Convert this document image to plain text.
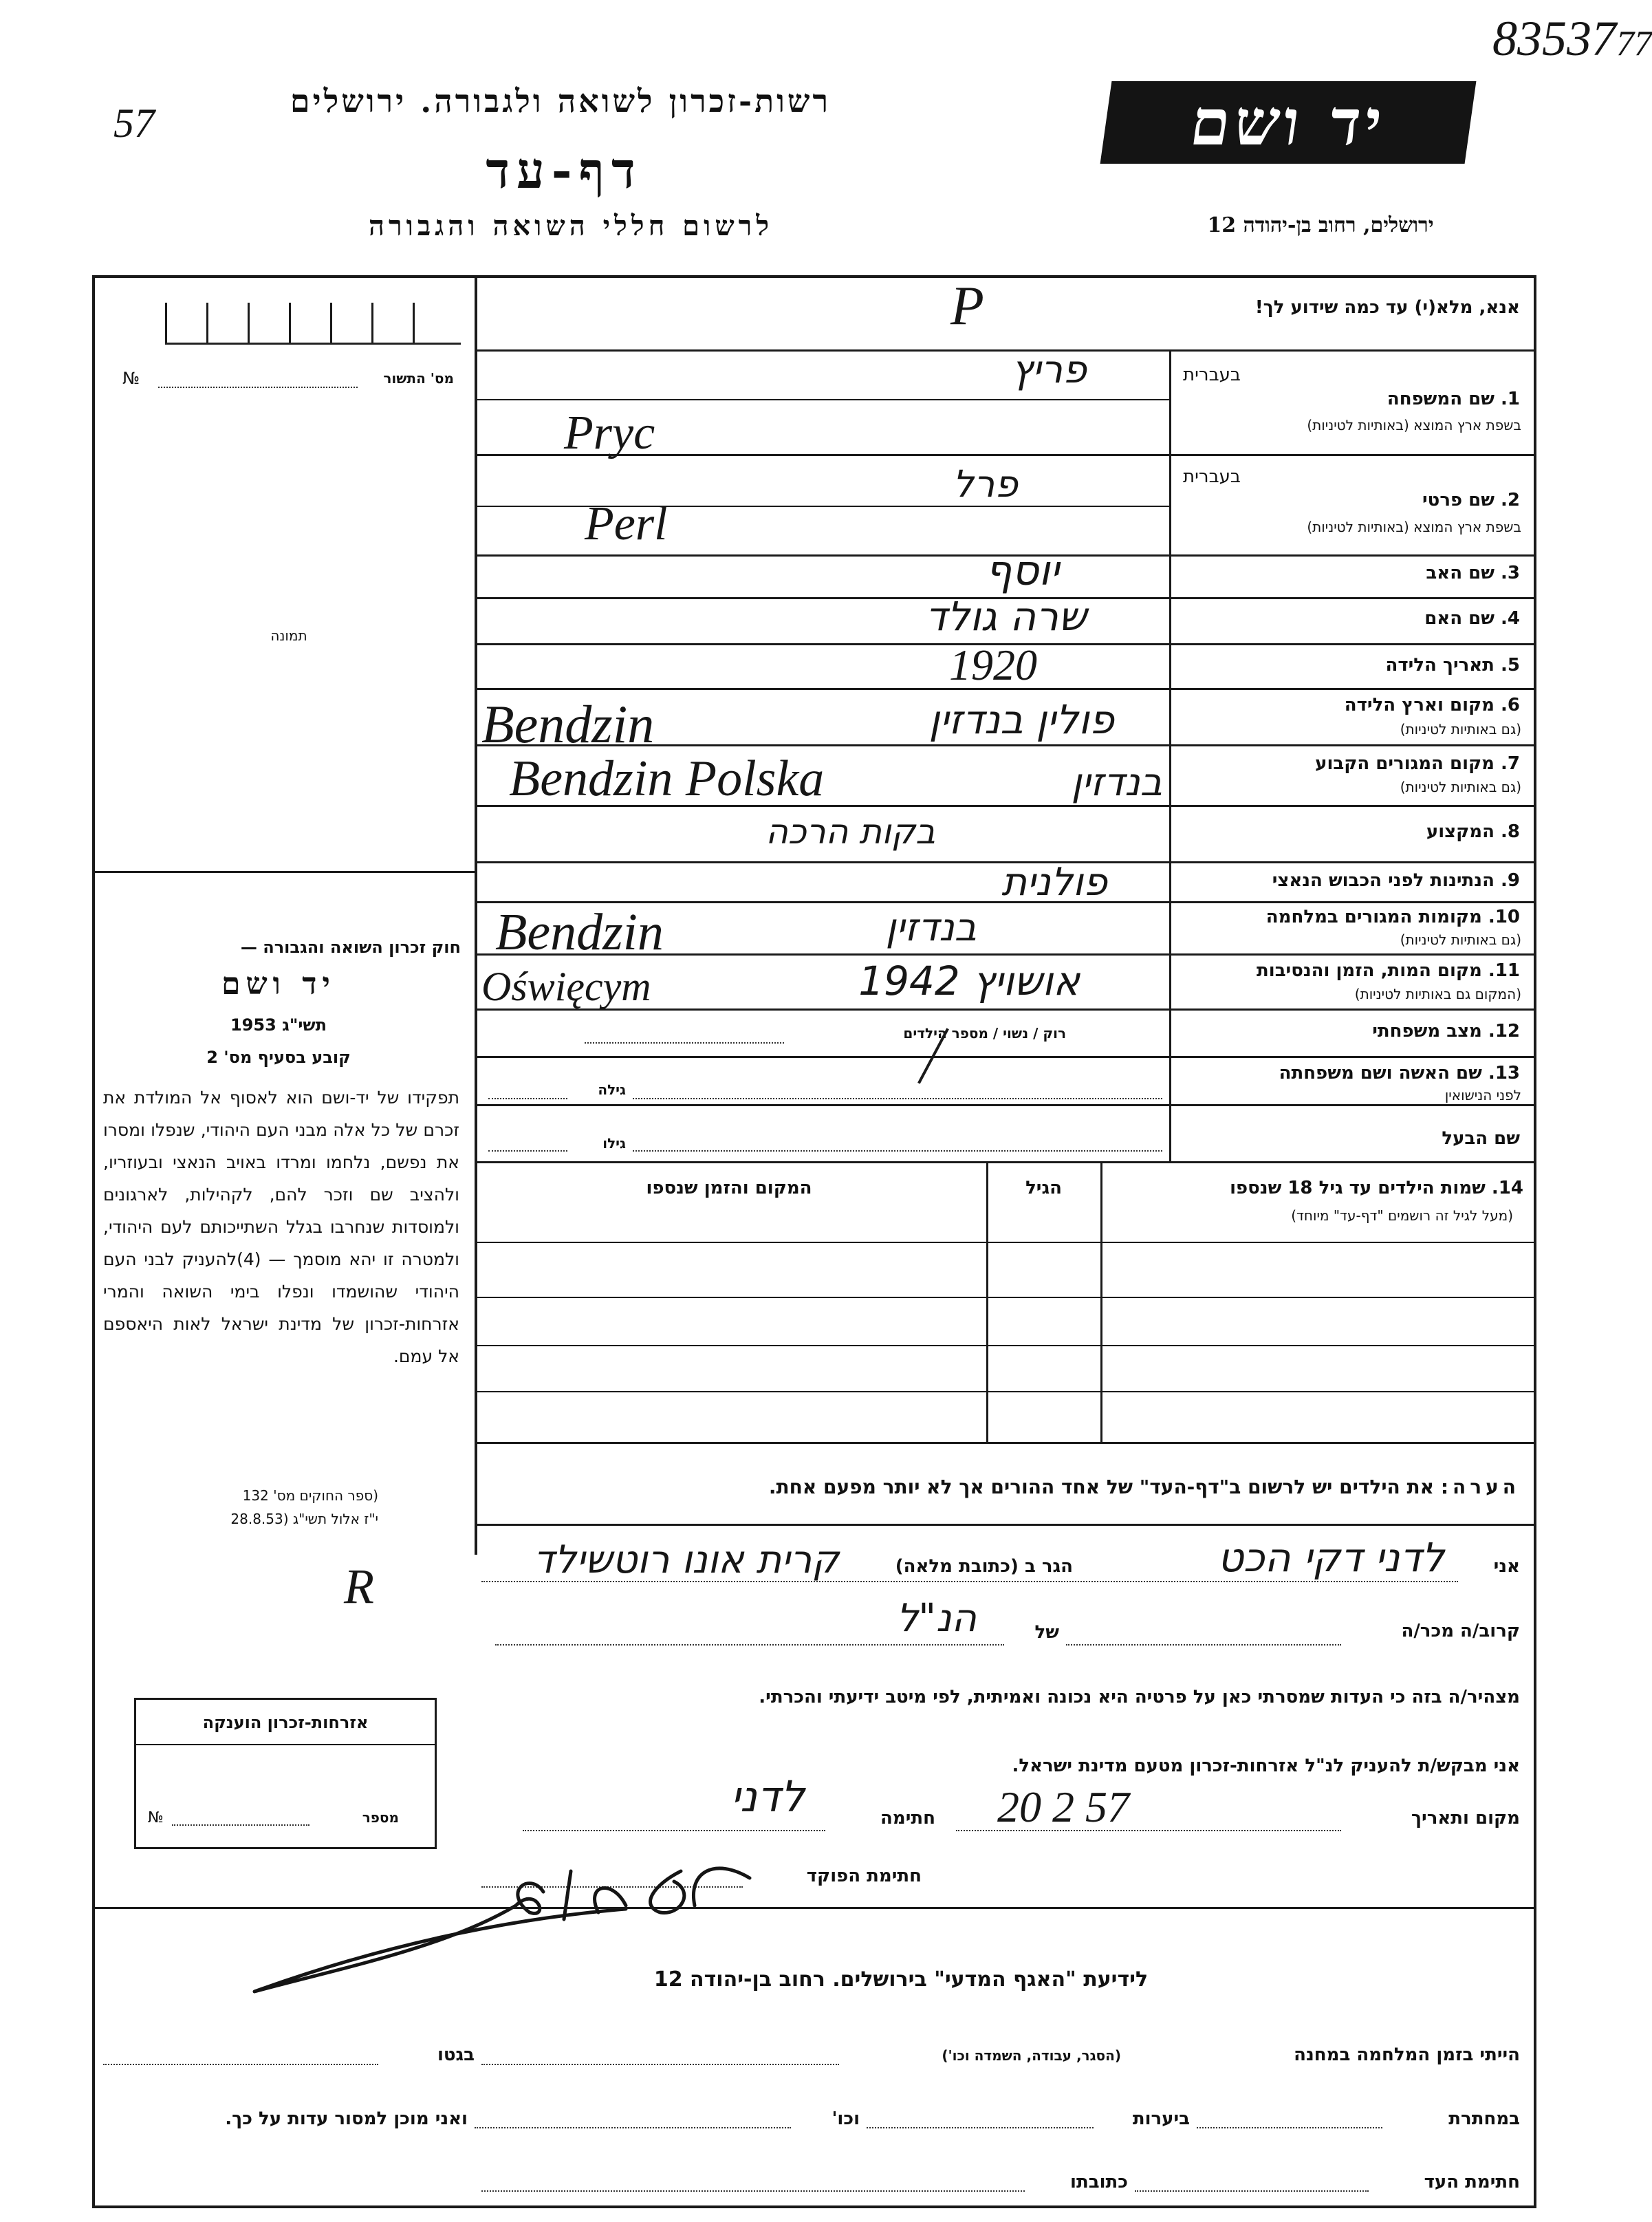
8353777
57	רשות-זכרון לשואה ולגבורה. ירושלים
דף-עד
לרשום חללי השואה והגבורה
יד ושם
ירושלים, רחוב בן-יהודה 12
מס' התשור
№
תמונה
חוק זכרון השואה והגבורה —
יד ושם
תשי"ג 1953
קובע בסעיף מס' 2
תפקידו של יד-ושם הוא לאסוף אל המולדת את זכרם של כל אלה מבני העם היהודי, שנפלו ומסרו את נפשם, נלחמו ומרדו באויב הנאצי ובעוזריו, ולהציב שם וזכר להם, לקהילות, לארגונים ולמוסדות שנחרבו בגלל השתייכותם לעם היהודי, ולמטרה זו יהא מוסמך — (4)להעניק לבני העם היהודי שהושמדו ונפלו בימי השואה והמרי אזרחות-זכרון של מדינת ישראל לאות היאספם אל עמם.
(ספר החוקים מס' 132
י"ז אלול תשי"ג (28.8.53
אנא, מלא(י) עד כמה שידוע לך!
P
בעברית
1. שם המשפחה
בשפת ארץ המוצא (באותיות לטיניות)
פריץ
Pryc
בעברית
2. שם פרטי
בשפת ארץ המוצא (באותיות לטיניות)
פרל
Perl
3. שם האב
יוסף
4. שם האם
שרה גולד
5. תאריך הלידה
1920
6. מקום וארץ הלידה
(גם באותיות לטיניות)
פולין בנדזין
Bendzin
7. מקום המגורים הקבוע
(גם באותיות לטיניות)
בנדזין
Bendzin Polska
8. המקצוע
בקות הרכה
9. הנתינות לפני הכבוש הנאצי
פולנית
10. מקומות המגורים במלחמה
(גם באותיות לטיניות)
בנדזין
Bendzin
11. מקום המות, הזמן והנסיבות
(המקום גם באותיות לטיניות)
אושויץ 1942
Oświęcym
12. מצב משפחתי
רוק / נשוי / מספר הילדים
13. שם האשה ושם משפחתה
לפני הנישואין
גילה
שם הבעל
גילו
14. שמות הילדים עד גיל 18 שנספו
(מעל לגיל זה רושמים "דף-עד" מיוחד)
הגיל
המקום והזמן שנספו
הערה: את הילדים יש לרשום ב"דף-העד" של אחד ההורים אך לא יותר מפעם אחת.
אני
לדני דקי הכט
הגר ב (כתובת מלאה)
קרית אונו רוטשילד
R
קרוב/ה מכר/ה
של
הנ"ל
מצהיר/ה בזה כי העדות שמסרתי כאן על פרטיה היא נכונה ואמיתית, לפי מיטב ידיעתי והכרתי.
אני מבקש/ת להעניק לנ"ל אזרחות-זכרון מטעם מדינת ישראל.
מקום ותאריך
20 2 57
חתימה
לדני
חתימת הפוקד
אזרחות-זכרון הוענקה
מספר
№
לידיעת "האגף המדעי" בירושלים. רחוב בן-יהודה 12
הייתי בזמן המלחמה במחנה
(הסגר, עבודה, השמדה וכו')
בגטו
במחתרת
ביערות
וכו'
ואני מוכן למסור עדות על כך.
חתימת העד
כתובתו
